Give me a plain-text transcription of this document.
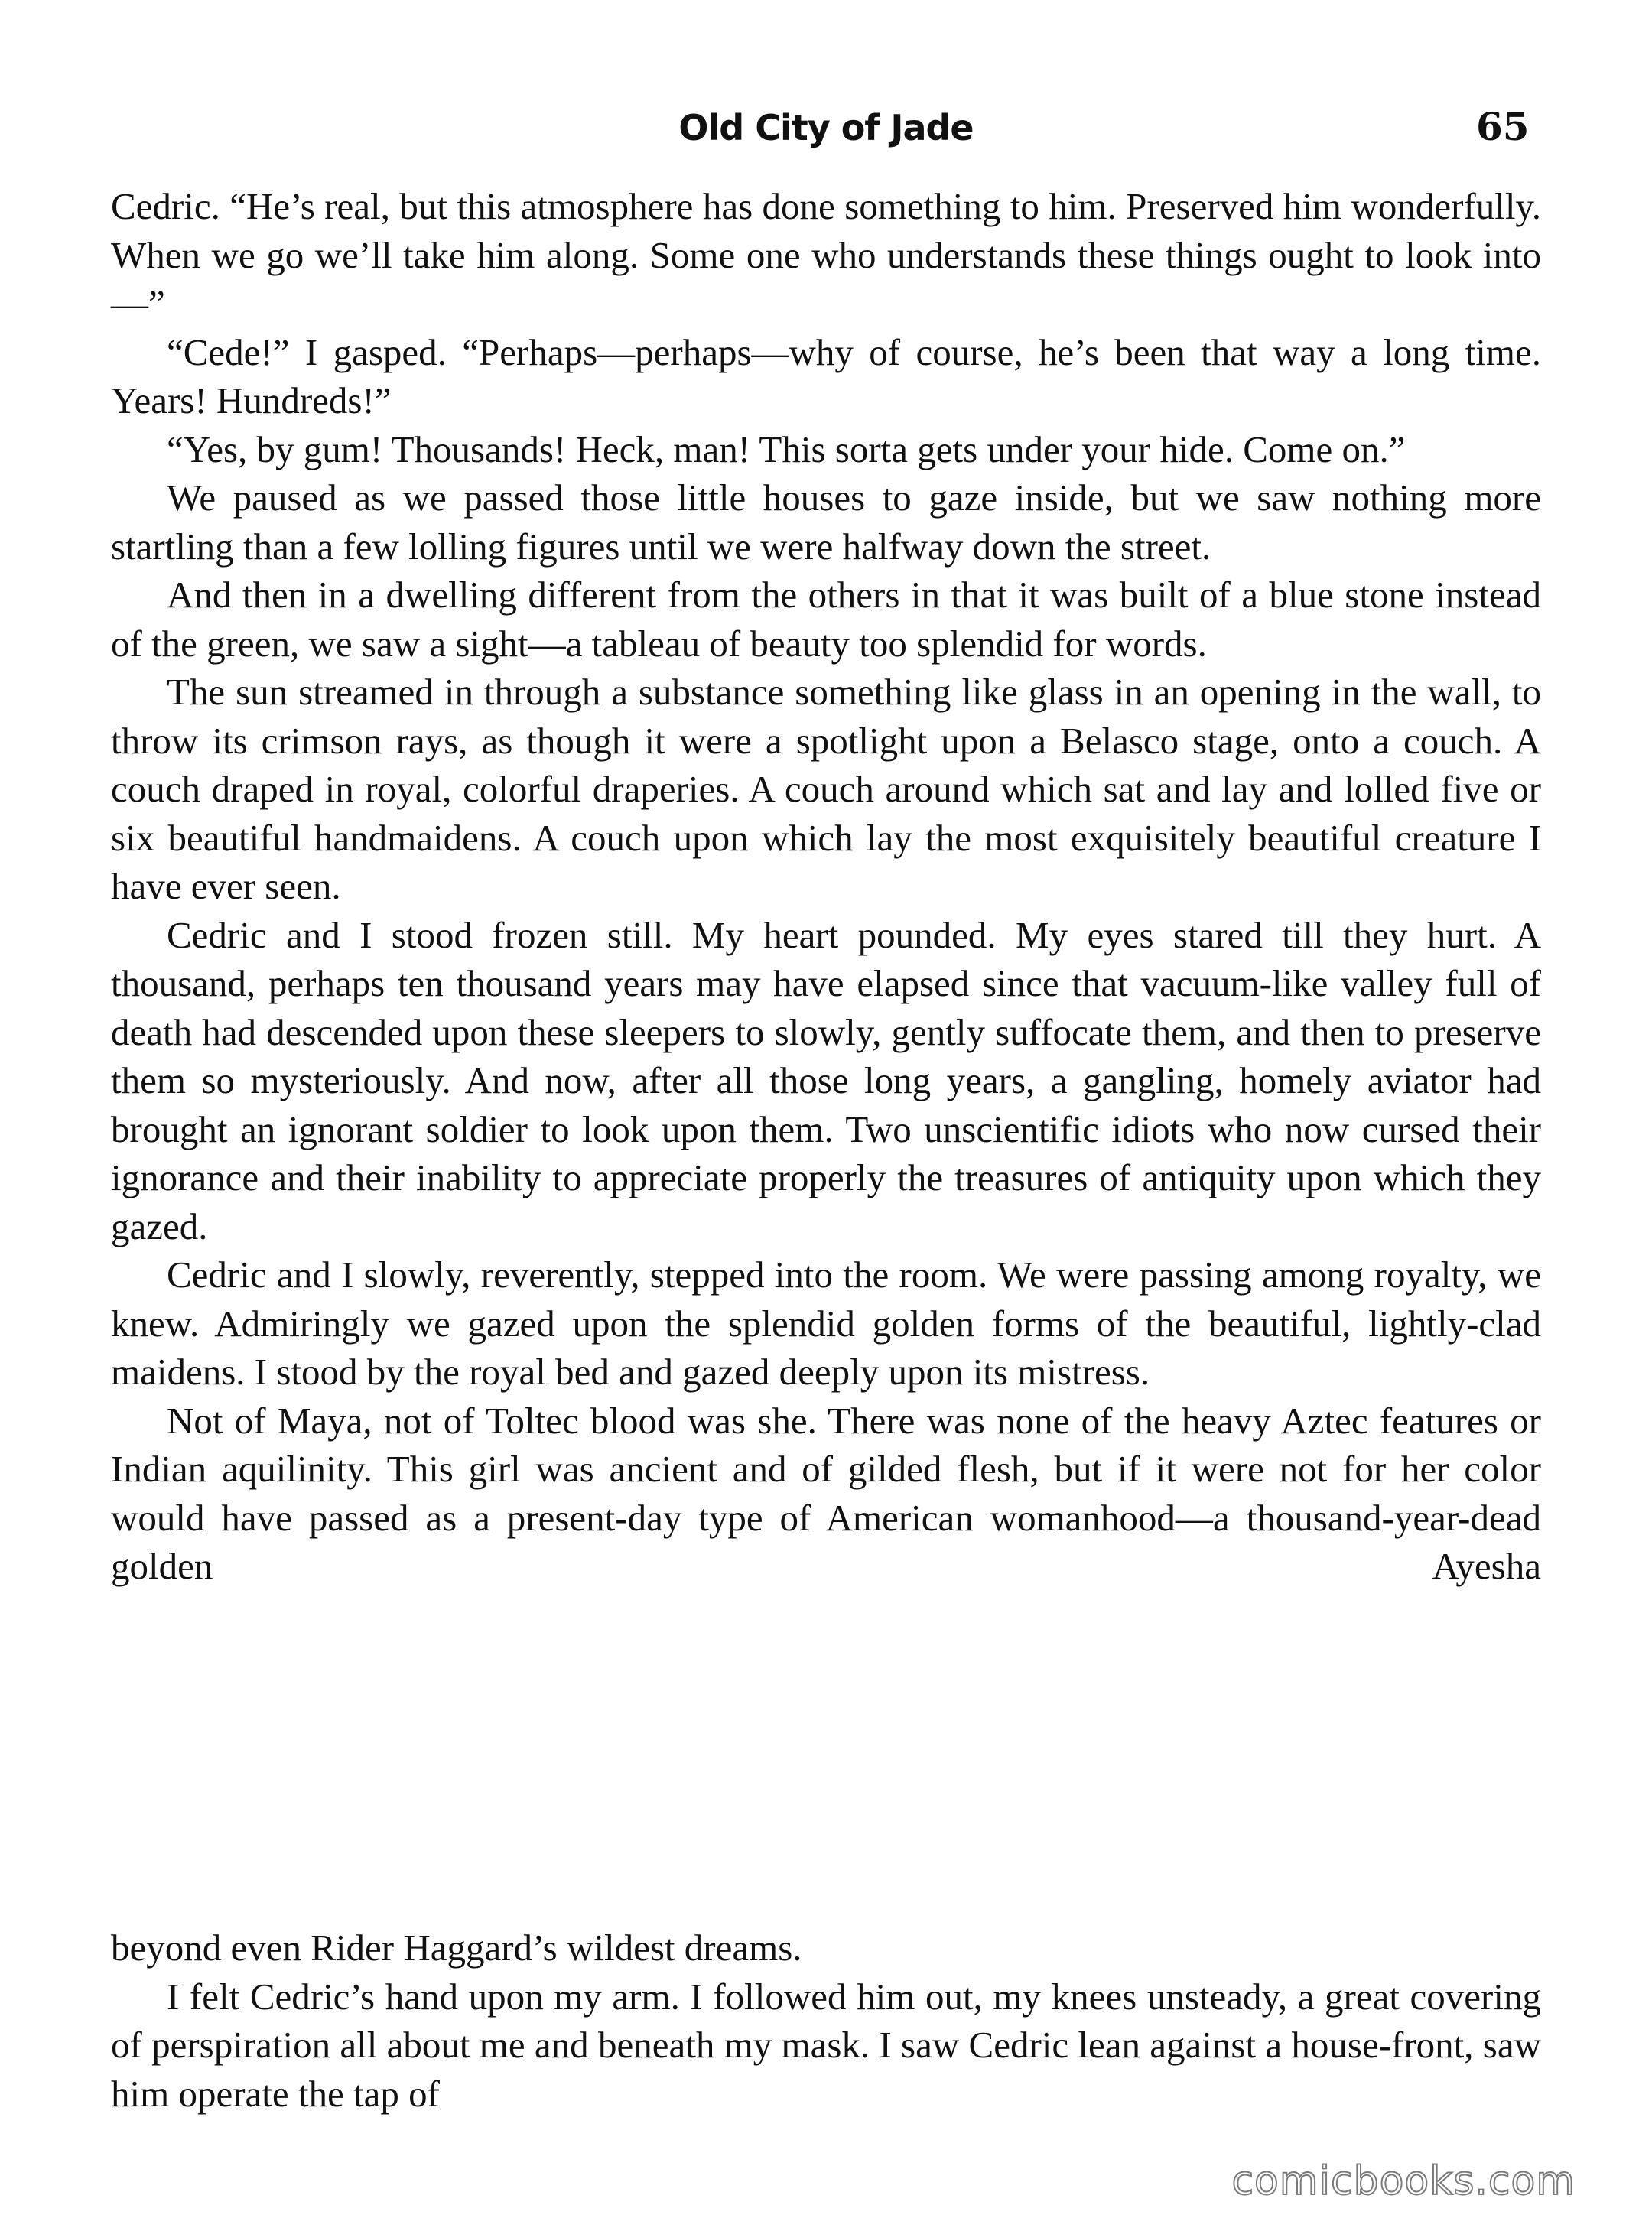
Old City of Jade	65

Cedric. “He’s real, but this atmosphere has done something to him. Preserved him wonderfully. When we go we’ll take him along. Some one who understands these things ought to look into—”

“Cede!” I gasped. “Perhaps—perhaps—why of course, he’s been that way a long time. Years! Hundreds!”

“Yes, by gum! Thousands! Heck, man! This sorta gets under your hide. Come on.”

We paused as we passed those little houses to gaze inside, but we saw nothing more startling than a few lolling figures until we were halfway down the street.

And then in a dwelling different from the others in that it was built of a blue stone instead of the green, we saw a sight—a tableau of beauty too splendid for words.

The sun streamed in through a substance something like glass in an opening in the wall, to throw its crimson rays, as though it were a spotlight upon a Belasco stage, onto a couch. A couch draped in royal, colorful draperies. A couch around which sat and lay and lolled five or six beautiful handmaidens. A couch upon which lay the most exquisitely beautiful creature I have ever seen.

Cedric and I stood frozen still. My heart pounded. My eyes stared till they hurt. A thousand, perhaps ten thousand years may have elapsed since that vacuum-like valley full of death had descended upon these sleepers to slowly, gently suffocate them, and then to preserve them so mysteriously. And now, after all those long years, a gangling, homely aviator had brought an ignorant soldier to look upon them. Two unscientific idiots who now cursed their ignorance and their inability to appreciate properly the treasures of antiquity upon which they gazed.

Cedric and I slowly, reverently, stepped into the room. We were passing among royalty, we knew. Admiringly we gazed upon the splendid golden forms of the beautiful, lightly-clad maidens. I stood by the royal bed and gazed deeply upon its mistress.

Not of Maya, not of Toltec blood was she. There was none of the heavy Aztec features or Indian aquilinity. This girl was ancient and of gilded flesh, but if it were not for her color would have passed as a present-day type of American womanhood—a thousand-year-dead golden Ayesha

beyond even Rider Haggard’s wildest dreams.

I felt Cedric’s hand upon my arm. I followed him out, my knees unsteady, a great covering of perspiration all about me and beneath my mask. I saw Cedric lean against a house-front, saw him operate the tap of

comicbooks.com
